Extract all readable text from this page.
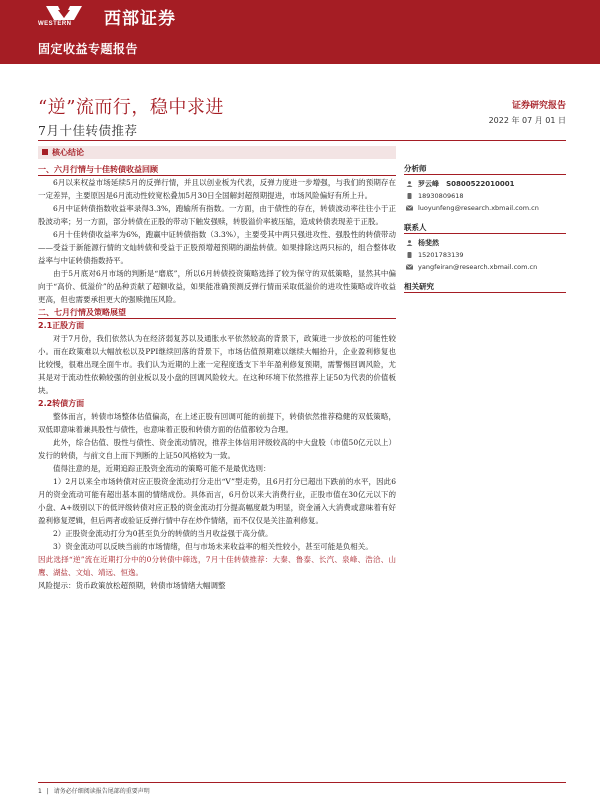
WESTERN 西部证券
固定收益专题报告
“逆”流而行，稳中求进
7月十佳转债推荐
证券研究报告
2022 年 07 月 01 日
核心结论
一、六月行情与十佳转债收益回顾

6月以来权益市场延续5月的反弹行情，并且以创业板为代表，反弹力度进一步增强，与我们的预期存在一定差异，主要原因是6月流动性较宽松叠加5月30日全国解封超预期提进，市场风险偏好有所上升。

6月中证转债指数收益率录得3.3%，跑输所有指数。一方面，由于债性的存在，转债波动率往往小于正股波动率；另一方面，部分转债在正股的带动下触发强赎，转股溢价率被压缩，造成转债表现差于正股。

6月十佳转债收益率为6%，跑赢中证转债指数（3.3%），主要受其中两只强进攻性、强股性的转债带动——受益于新能源行情的文灿转债和受益于正股预增超预期的湖盐转债。如果排除这两只标的，组合整体收益率与中证转债指数持平。

由于5月底对6月市场的判断是“磨底”，所以6月转债投资策略选择了较为保守的双低策略，显然其中偏向于“高价、低溢价”的品种贡献了超额收益，如果能准确预测反弹行情而采取低溢价的进攻性策略或许收益更高，但也需要承担更大的强赎抛压风险。

二、七月行情及策略展望
2.1正股方面

对于7月份，我们依然认为在经济弱复苏以及通胀水平依然较高的背景下，政策进一步放松的可能性较小。而在政策难以大幅放松以及PPI继续回落的背景下，市场估值预期难以继续大幅抬升，企业盈利修复也比较慢，很难出现全面牛市。我们认为近期的上涨一定程度透支下半年盈利修复预期，需警惕回调风险，尤其是对于流动性依赖较强的创业板以及小盘的回调风险较大。在这种环境下依然推荐上证50为代表的价值板块。

2.2转债方面

整体而言，转债市场整体估值偏高，在上述正股有回调可能的前提下，转债依然推荐稳健的双低策略，双低即意味着兼具股性与债性，也意味着正股和转债方面的估值都较为合理。

此外，综合估值、股性与债性、资金流动情况，推荐主体信用评级较高的中大盘股（市值50亿元以上）发行的转债，与前文自上而下判断的上证50风格较为一致。

值得注意的是，近期追踪正股资金流动的策略可能不是最优选则：

1）2月以来全市场转债对应正股资金流动打分走出“V”型走势，且6月打分已超出下跌前的水平，因此6月的资金流动可能有超出基本面的情绪成份。具体而言，6月份以来大消费行业，正股市值在30亿元以下的小盘、A+级别以下的低评级转债对应正股的资金流动打分提高幅度最为明显，资金涌入大消费或意味着有好盈利修复逻辑，但后两者或验证反弹行情中存在炒作情绪，而不仅仅是关注盈利修复。

2）正股资金流动打分为0甚至负分的转债的当月收益强于高分债。

3）资金流动可以反映当前的市场情绪，但与市场未来收益率的相关性较小，甚至可能是负相关。

因此选择“逆”流在近期打分中的0分转债中筛选，7月十佳转债推荐：大秦、鲁泰、长汽、泉峰、浩洽、山鹰、湖盐、文灿、靖远、恒逸。

风险提示：货币政策放松超预期，转债市场情绪大幅调整

分析师
罗云峰 S0800522010001
18930809618
luoyunfeng@research.xbmail.com.cn
联系人
杨斐然
15201783139
yangfeiran@research.xbmail.com.cn
相关研究
1 | 请务必仔细阅读报告尾部的重要声明
